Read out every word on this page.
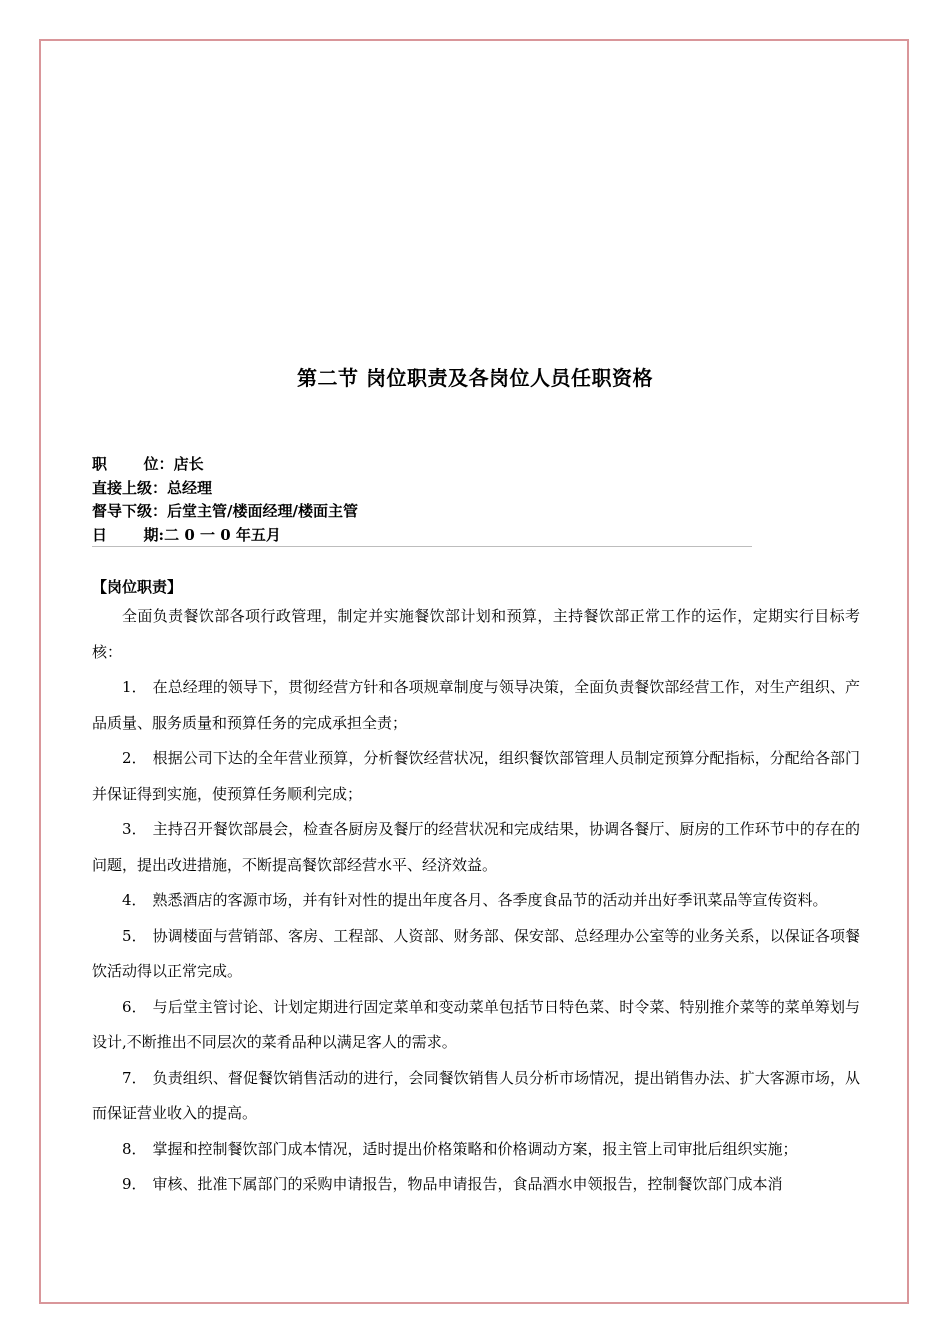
第二节 岗位职责及各岗位人员任职资格
职       位：店长
直接上级：总经理
督导下级：后堂主管/楼面经理/楼面主管
日       期:二 0 一 0 年五月
【岗位职责】

全面负责餐饮部各项行政管理，制定并实施餐饮部计划和预算，主持餐饮部正常工作的运作，定期实行目标考核：

1． 在总经理的领导下，贯彻经营方针和各项规章制度与领导决策，全面负责餐饮部经营工作，对生产组织、产品质量、服务质量和预算任务的完成承担全责；

2． 根据公司下达的全年营业预算，分析餐饮经营状况，组织餐饮部管理人员制定预算分配指标，分配给各部门并保证得到实施，使预算任务顺利完成；

3． 主持召开餐饮部晨会，检查各厨房及餐厅的经营状况和完成结果，协调各餐厅、厨房的工作环节中的存在的问题，提出改进措施，不断提高餐饮部经营水平、经济效益。

4． 熟悉酒店的客源市场，并有针对性的提出年度各月、各季度食品节的活动并出好季讯菜品等宣传资料。

5． 协调楼面与营销部、客房、工程部、人资部、财务部、保安部、总经理办公室等的业务关系，以保证各项餐饮活动得以正常完成。

6． 与后堂主管讨论、计划定期进行固定菜单和变动菜单包括节日特色菜、时令菜、特别推介菜等的菜单筹划与设计,不断推出不同层次的菜肴品种以满足客人的需求。

7． 负责组织、督促餐饮销售活动的进行，会同餐饮销售人员分析市场情况，提出销售办法、扩大客源市场，从而保证营业收入的提高。

8． 掌握和控制餐饮部门成本情况，适时提出价格策略和价格调动方案，报主管上司审批后组织实施；

9． 审核、批准下属部门的采购申请报告，物品申请报告，食品酒水申领报告，控制餐饮部门成本消
